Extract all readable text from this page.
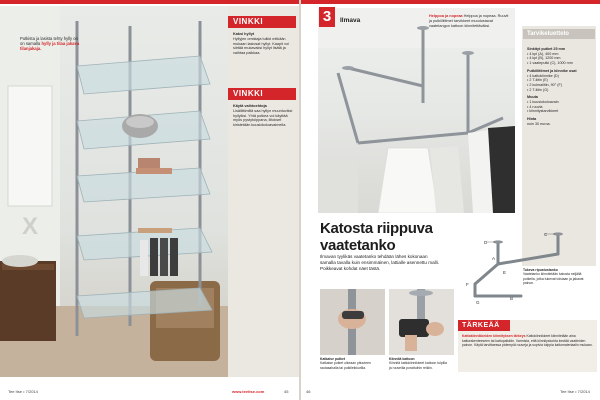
X
Putkista ja lasista tehty hylly on on samalla hylly ja tilaa jakava tilanjakaja.
VINKKI
Kaksi hyllyt
Hyllyjen omistaja tulkki mitkään mukaan lasiosat hyllyt. Kaapit voi siirtää mukavaksi hyllyt lisätä ja vaihtaa paikkaa.
VINKKI
Käytä vaihtoehtoja
Lisäliittimillä saa hyllyn muuntuviksi hyllyiksi. Yhtä putkea voi käyttää myös pystytolppana, liitokset kiristetään kuusiokoloavaimella.
Tee Itse • 7/2014	www.teeitse.com	45
3	Ilmava
Helppoa ja nopeaa Helppoa ja nopeaa. Ruuvit ja putkiliittimet tarvikkeet muodostavat vaatetangon kattoon kiinnitettäväksi.
Tarvikeluettelo
Sinkityt putket 25 mm
• 4 kpl (A), 400 mm
• 4 kpl (B), 1200 mm
• 1 vaateputki (C), 1000 mm
Putkiliittimet ja kiinnike osat
• 4 kattokiinnike (D)
• 2 T-liitin (E)
• 2 kulmaliitin, 90° (F)
• 2 T-liitin (G)
Muuta
• 1 kuusiokoloavain
• 4 ruuvia
• kiinnitystarvikkeet
Hinta
noin 30 euroa.
Katosta riippuva
vaatetanko
Ilmavan tyylikäs vaatetanko tehdään lähes kokonaan samalla tavalla kuin ensimmäinen, lattialle asennettu malli. Poikkeavat kohdat näet tästä.
Katkaise putket
Katkaise putket oikeaan pituuteen rautasahalla tai putkileikkurilla.
Kiinnitä kattoon
Kiinnitä kattokiinnikkeet kattoon tulpilla ja ruuveilla porattuihin reikiin.
D
C
A
E
F
G
B
Tukeva ripustustanko
Vaatetanko kiinnitetään katosta neljällä putkella, jotka tukevat toisiaan ja jakavat painon.
TÄRKEÄÄ
Kattokiinnikkeiden kiinnityksen tärkeys Kattokiinnikkeet kiinnitetään aina kattorakenteeseen tai kattopalkkiin. Varmista, että kiinnityskohta kestää vaatteiden painon. Käytä tarvittaessa pidempiä ruuveja ja sopivia tulppia kattomateriaalin mukaan.
46	Tee Itse • 7/2014
